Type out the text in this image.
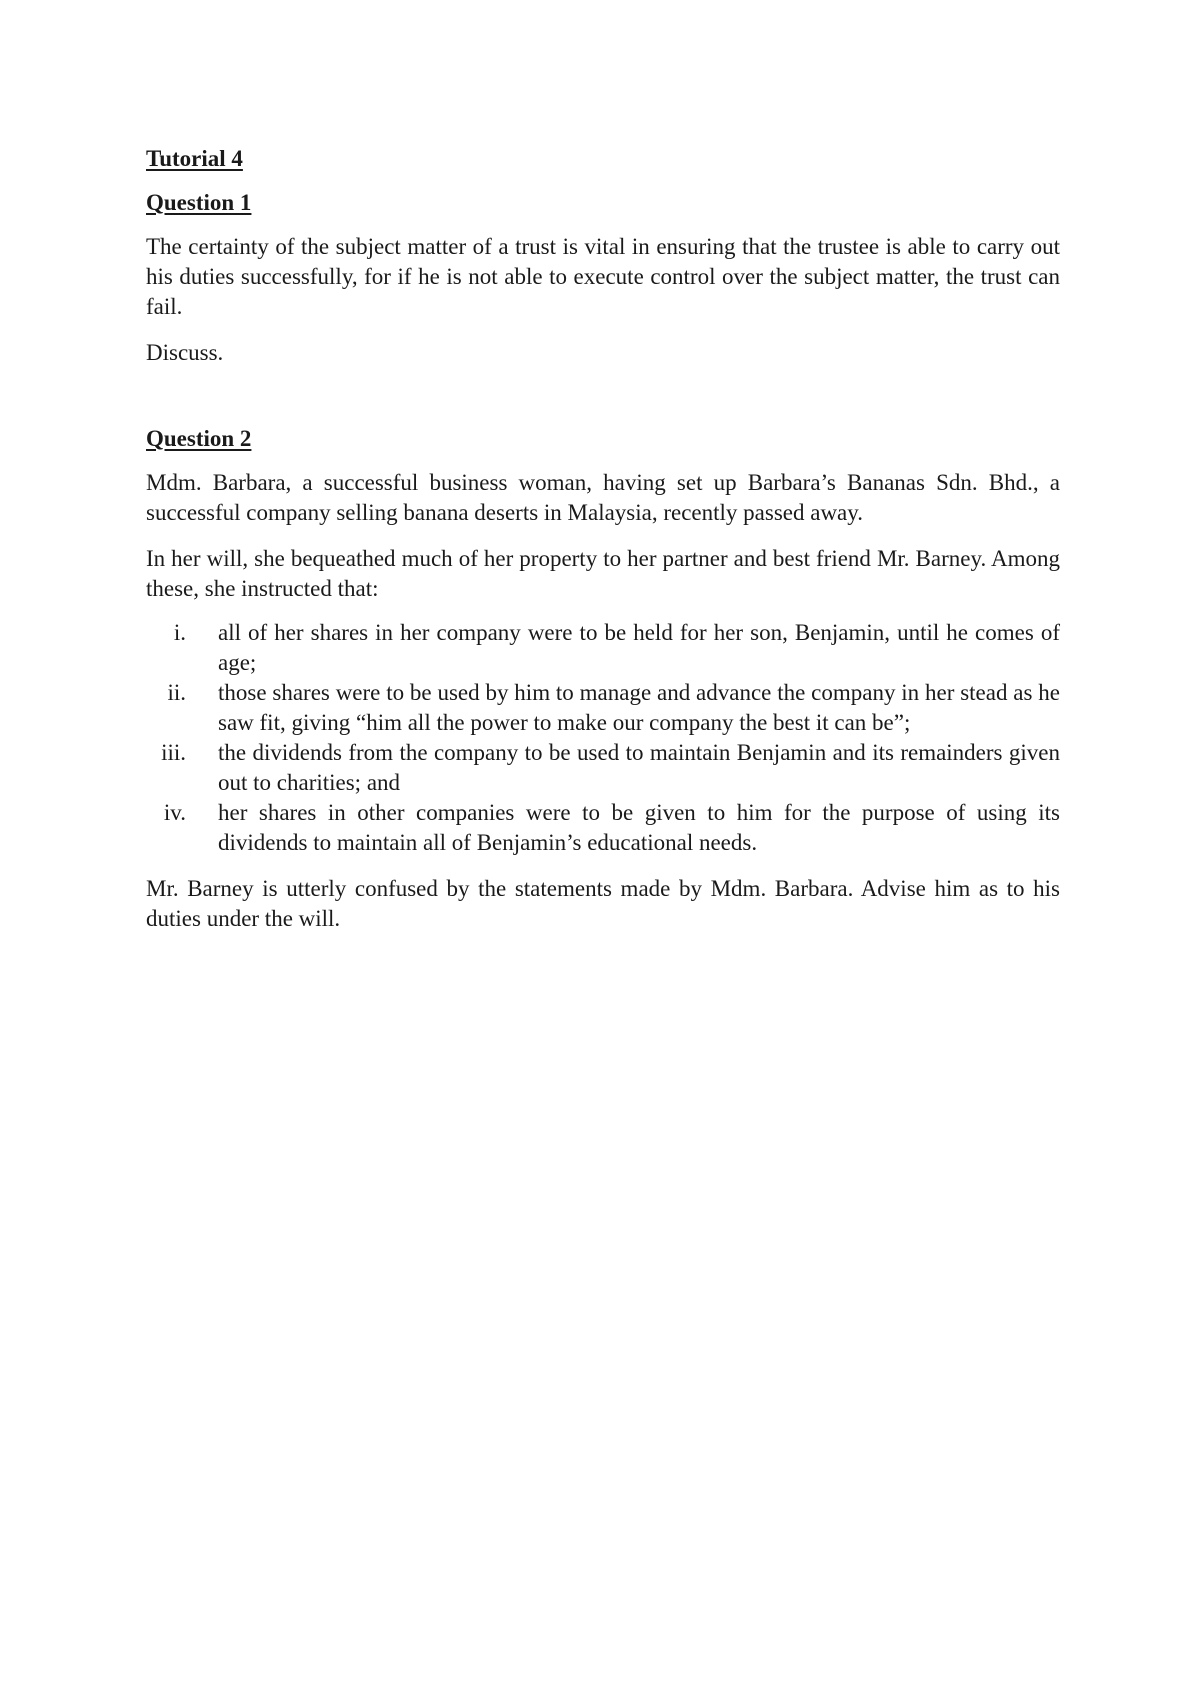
Tutorial 4
Question 1

The certainty of the subject matter of a trust is vital in ensuring that the trustee is able to carry out his duties successfully, for if he is not able to execute control over the subject matter, the trust can fail.

Discuss.

Question 2

Mdm. Barbara, a successful business woman, having set up Barbara’s Bananas Sdn. Bhd., a successful company selling banana deserts in Malaysia, recently passed away.

In her will, she bequeathed much of her property to her partner and best friend Mr. Barney. Among these, she instructed that:

i. all of her shares in her company were to be held for her son, Benjamin, until he comes of age;
ii. those shares were to be used by him to manage and advance the company in her stead as he saw fit, giving “him all the power to make our company the best it can be”;
iii. the dividends from the company to be used to maintain Benjamin and its remainders given out to charities; and
iv. her shares in other companies were to be given to him for the purpose of using its dividends to maintain all of Benjamin’s educational needs.

Mr. Barney is utterly confused by the statements made by Mdm. Barbara. Advise him as to his duties under the will.
